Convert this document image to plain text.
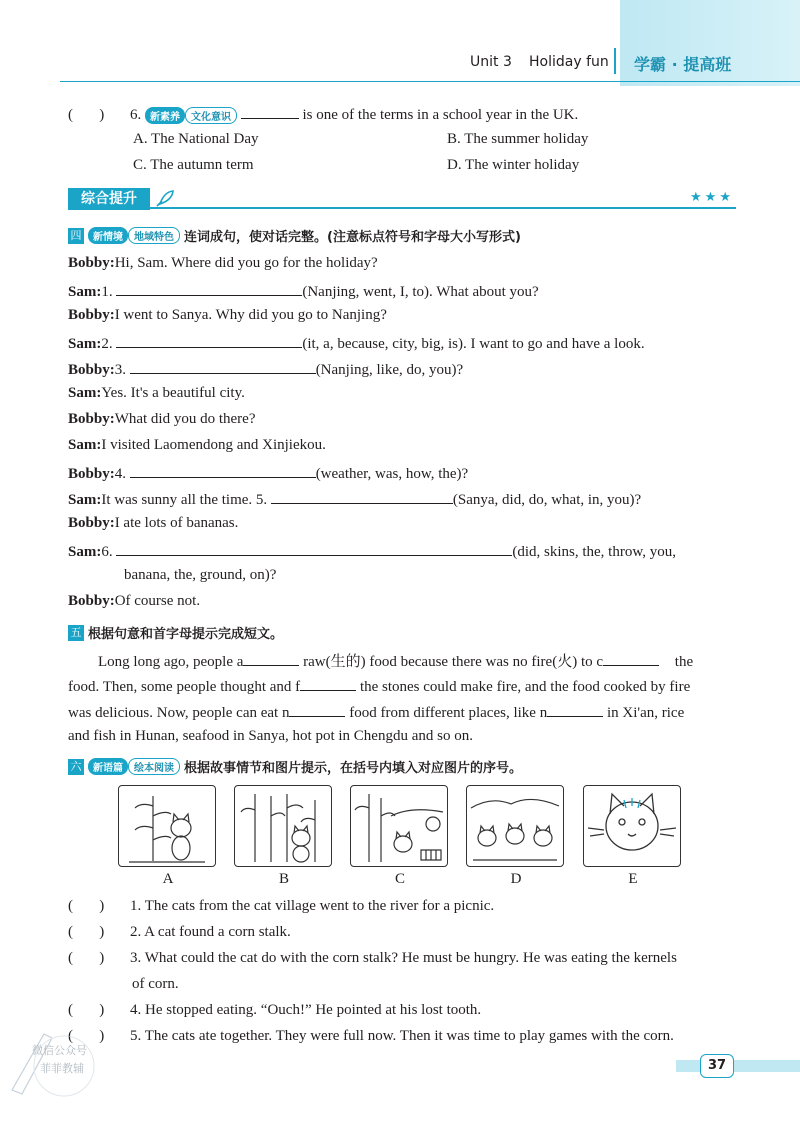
Unit 3 Holiday fun 学霸 · 提高班
(       ) 6. 新素养 文化意识	is one of the terms in a school year in the UK.
A. The National Day	B. The summer holiday
C. The autumn term	D. The winter holiday
综合提升	★★★
四 新情境 地域特色 连词成句，使对话完整。(注意标点符号和字母大小写形式)
Bobby:Hi, Sam. Where did you go for the holiday?
Sam:1.	(Nanjing, went, I, to). What about you?
Bobby:I went to Sanya. Why did you go to Nanjing?
Sam:2.	(it, a, because, city, big, is). I want to go and have a look.
Bobby:3.	(Nanjing, like, do, you)?
Sam:Yes. It's a beautiful city.
Bobby:What did you do there?
Sam:I visited Laomendong and Xinjiekou.
Bobby:4.	(weather, was, how, the)?
Sam:It was sunny all the time. 5.	(Sanya, did, do, what, in, you)?
Bobby:I ate lots of bananas.
Sam:6.	(did, skins, the, throw, you,
banana, the, ground, on)?
Bobby:Of course not.
五 根据句意和首字母提示完成短文。
Long long ago, people a	raw(生的) food because there was no fire(火) to c	the
food. Then, some people thought and f	the stones could make fire, and the food cooked by fire
was delicious. Now, people can eat n	food from different places, like n	in Xi'an, rice
and fish in Hunan, seafood in Sanya, hot pot in Chengdu and so on.
六 新语篇 绘本阅读 根据故事情节和图片提示，在括号内填入对应图片的序号。
A	B	C	D	E
(       ) 1. The cats from the cat village went to the river for a picnic.
(       ) 2. A cat found a corn stalk.
(       ) 3. What could the cat do with the corn stalk? He must be hungry. He was eating the kernels
of corn.
(       ) 4. He stopped eating. “Ouch!” He pointed at his lost tooth.
(       ) 5. The cats ate together. They were full now. Then it was time to play games with the corn.
微信公众号
菲菲教辅	37
